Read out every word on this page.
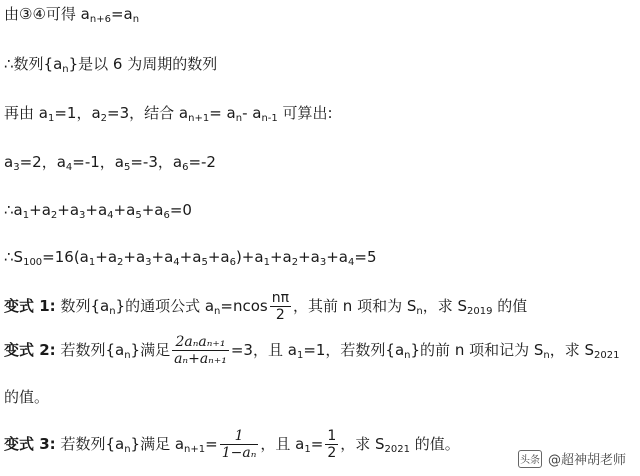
由③④可得 $a_{n+6}=a_n$
∴数列$\{a_n\}$是以 6 为周期的数列
再由 $a_1=1$，$a_2=3$，结合 $a_{n+1}= a_n-$ $a_{n-1}$ 可算出:
$a_3=2$，$a_4=-1$，$a_5=-3$，$a_6=-2$
$\therefore a_1+a_2+a_3+a_4+a_5+a_6=0$
$\therefore S_{100}=16(a_1+a_2+a_3+a_4+a_5+a_6)+a_1+a_2+a_3+a_4=5$
变式 1: 数列$\{a_n\}$的通项公式 $a_n=ncos \frac{n\pi}{2}$ ，其前 n 项和为 $S_n$，求 $S_{2019}$ 的值
变式 2: 若数列$\{a_n\}$满足 $\frac{\text{2aₙaₙ₊₁}}{\text{aₙ+aₙ₊₁}} =3$，且 $a_1=1$，若数列$\{a_n\}$的前 n 项和记为 $S_n$，求 $S_{2021}$
的值。
变式 3: 若数列$\{a_n\}$满足 $a_{n+1}= \frac{1}{\text{1−aₙ}}$ ，且 $a_1= \frac{1}{2}$ ，求 $S_{2021}$ 的值。
头条 @超神胡老师
